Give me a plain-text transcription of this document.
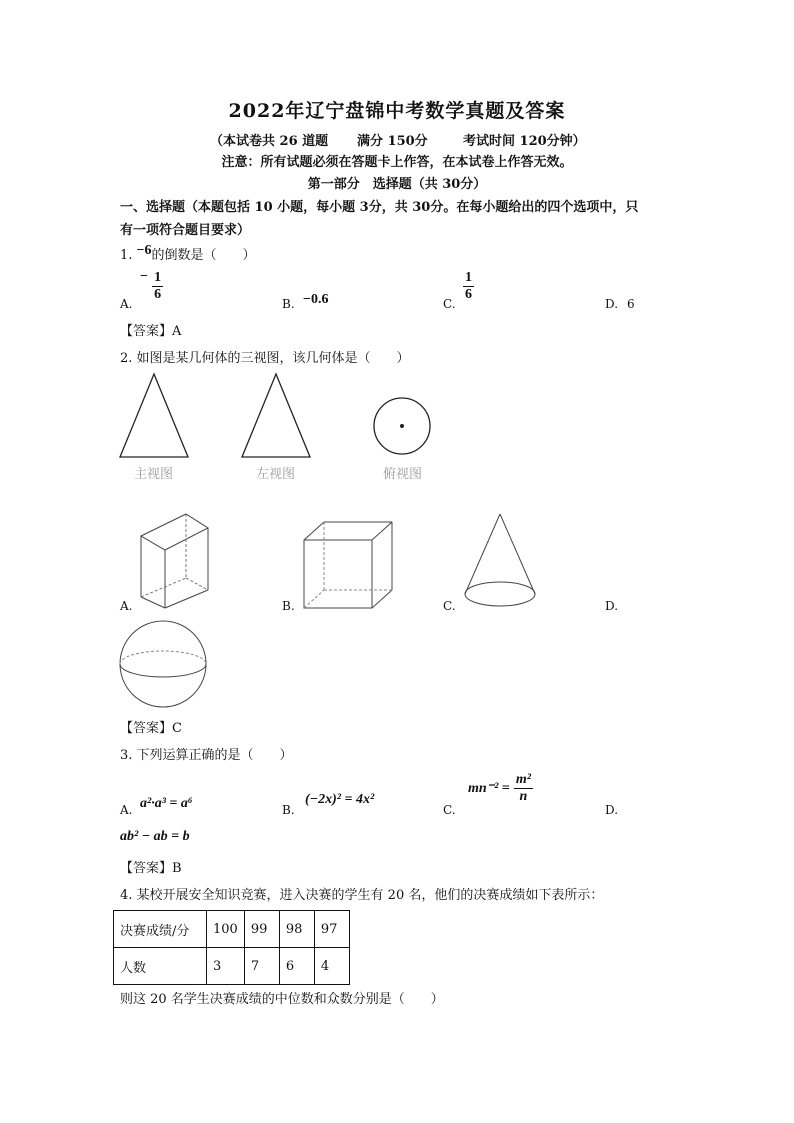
2022年辽宁盘锦中考数学真题及答案
（本试卷共 26 道题 满分 150分	考试时间 120分钟）
注意：所有试题必须在答题卡上作答，在本试卷上作答无效。
第一部分　选择题（共 30分）
一、选择题（本题包括 10 小题，每小题 3分，共 30分。在每小题给出的四个选项中，只
有一项符合题目要求）
1. −6的倒数是（　　）
A.
− $\frac{1}{6}$
B. −0.6	C.
$\frac{1}{6}$
D. 6
【答案】A
2. 如图是某几何体的三视图，该几何体是（　　）
主视图	左视图	俯视图
A.	B.	C.	D.
【答案】C
3. 下列运算正确的是（　　）
A. a²·a³ = a⁶	B.
(−2x)² = 4x²
C.
$mn^{-2} = \frac{\text{m²}}{n}$
D.
ab² − ab = b
【答案】B
4. 某校开展安全知识竞赛，进入决赛的学生有 20 名，他们的决赛成绩如下表所示：
决赛成绩/分	100	99	98	97
人数	3	7	6	4
则这 20 名学生决赛成绩的中位数和众数分别是（　　）
